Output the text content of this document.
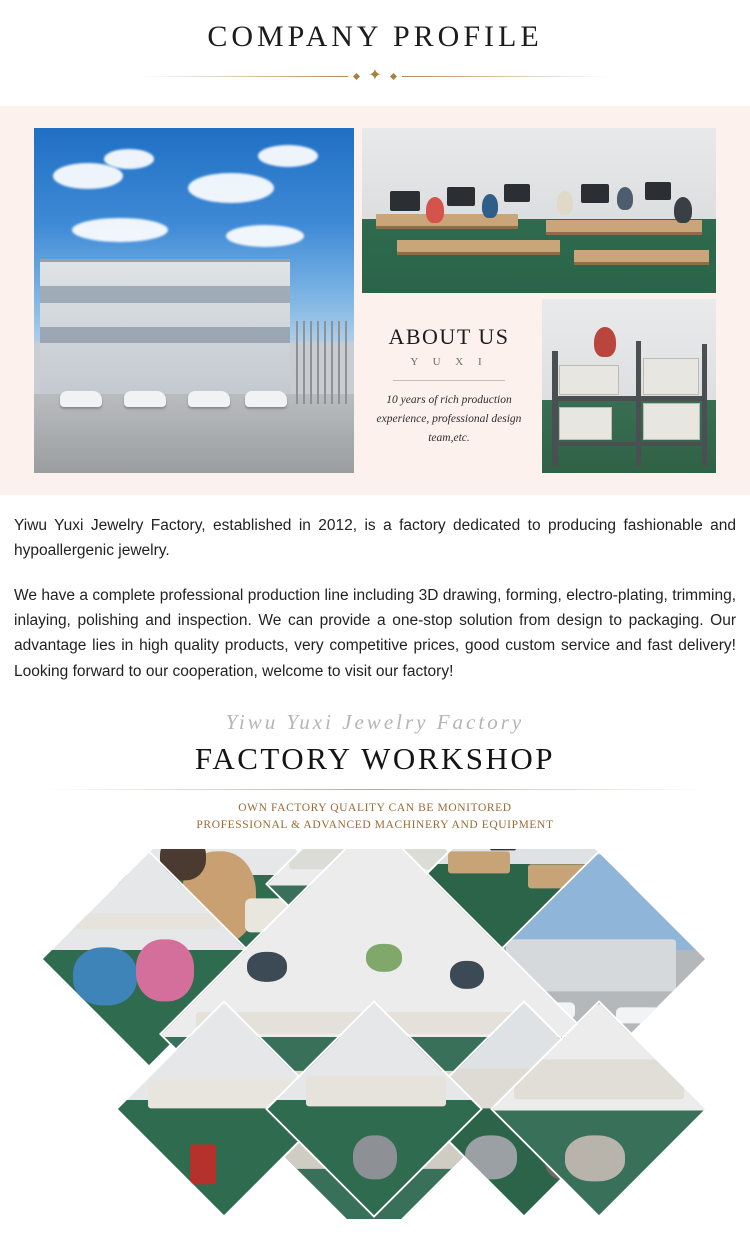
COMPANY PROFILE
✦
ABOUT US
Y U X I
10 years of rich production experience, professional design team,etc.

Yiwu Yuxi Jewelry Factory, established in 2012, is a factory dedicated to producing fashionable and hypoallergenic jewelry.

We have a complete professional production line including 3D drawing, forming, electro-plating, trimming, inlaying, polishing and inspection. We can provide a one-stop solution from design to packaging. Our advantage lies in high quality products, very competitive prices, good custom service and fast delivery! Looking forward to our cooperation, welcome to visit our factory!

Yiwu Yuxi Jewelry Factory
FACTORY WORKSHOP
OWN FACTORY QUALITY CAN BE MONITORED
PROFESSIONAL & ADVANCED MACHINERY AND EQUIPMENT
